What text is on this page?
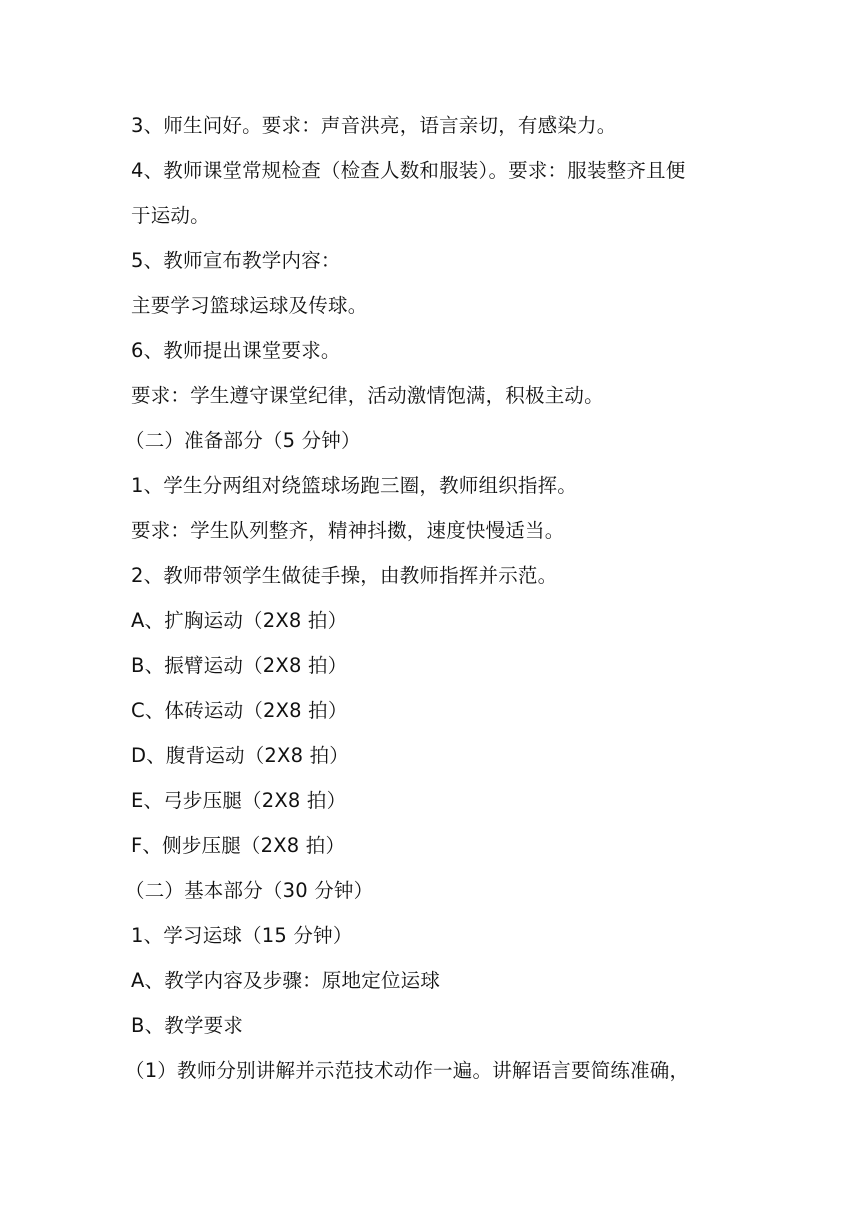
3、师生问好。要求：声音洪亮，语言亲切，有感染力。
4、教师课堂常规检查（检查人数和服装）。要求：服装整齐且便
于运动。
5、教师宣布教学内容：
主要学习篮球运球及传球。
6、教师提出课堂要求。
要求：学生遵守课堂纪律，活动激情饱满，积极主动。
（二）准备部分（5 分钟）
1、学生分两组对绕篮球场跑三圈，教师组织指挥。
要求：学生队列整齐，精神抖擞，速度快慢适当。
2、教师带领学生做徒手操，由教师指挥并示范。
A、扩胸运动（2X8 拍）
B、振臂运动（2X8 拍）
C、体砖运动（2X8 拍）
D、腹背运动（2X8 拍）
E、弓步压腿（2X8 拍）
F、侧步压腿（2X8 拍）
（二）基本部分（30 分钟）
1、学习运球（15 分钟）
A、教学内容及步骤：原地定位运球
B、教学要求
（1）教师分别讲解并示范技术动作一遍。讲解语言要简练准确，
